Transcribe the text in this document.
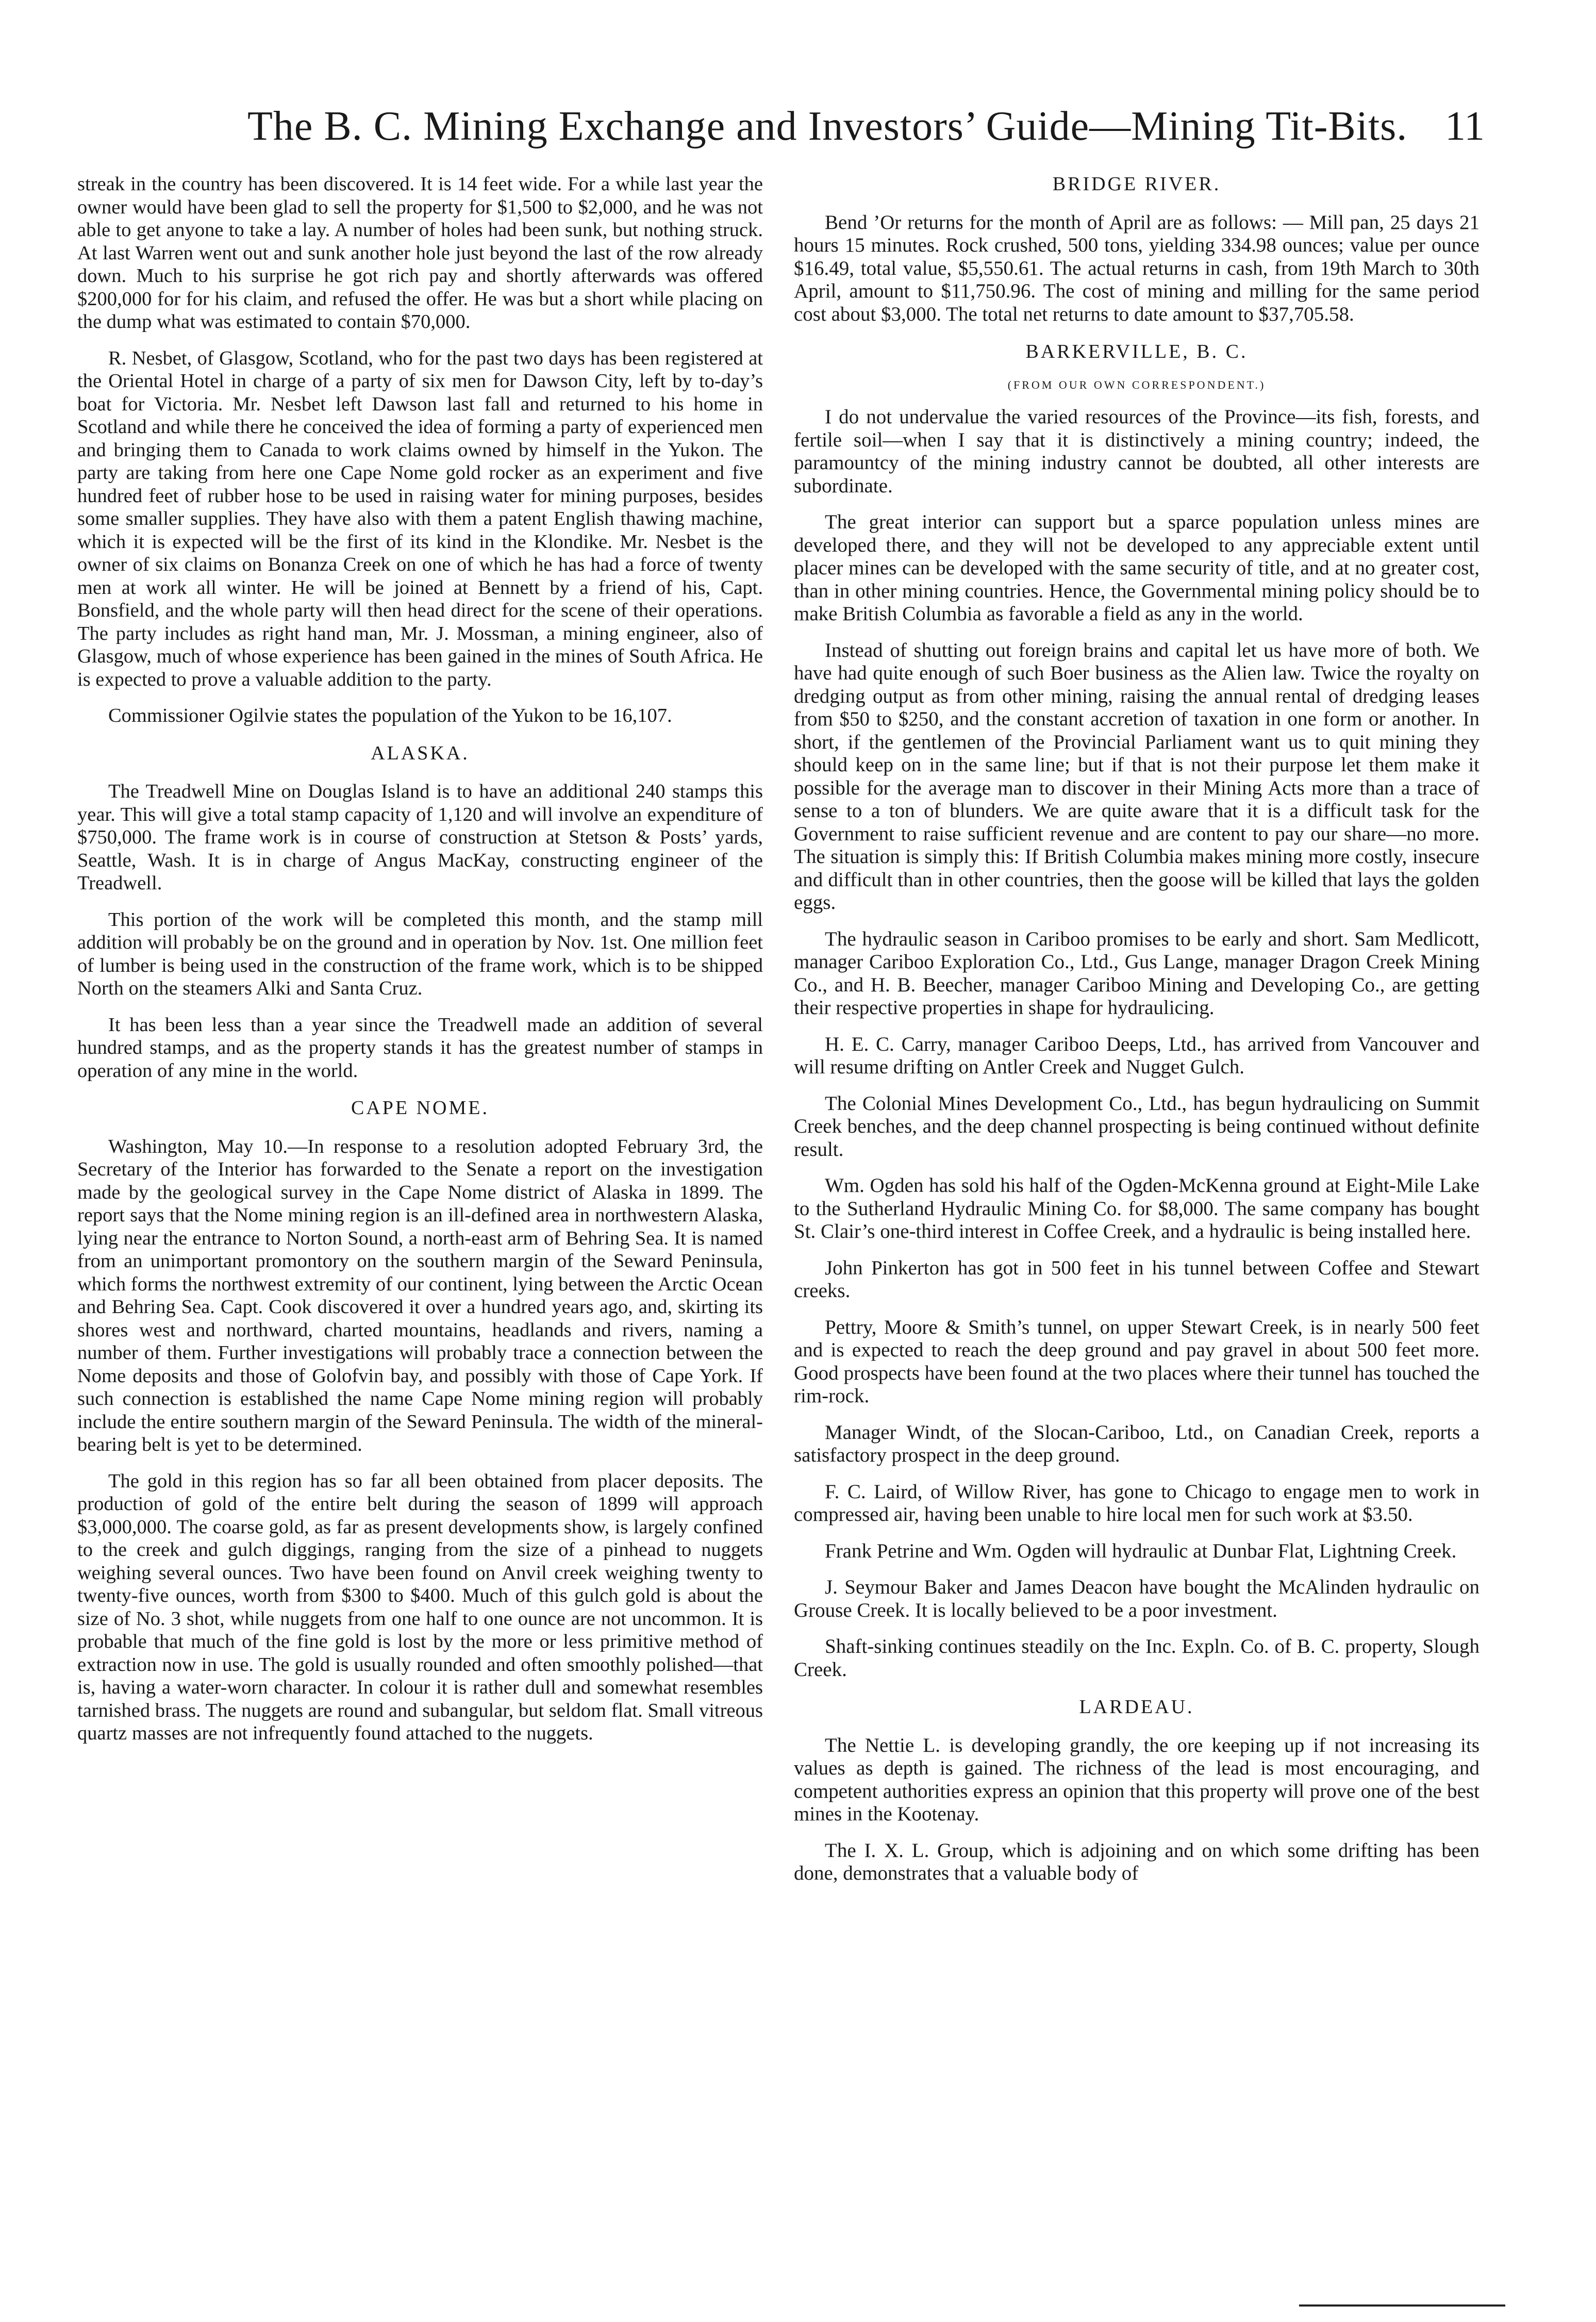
The B. C. Mining Exchange and Investors’ Guide—Mining Tit-Bits. 11

streak in the country has been discovered. It is 14 feet wide. For a while last year the owner would have been glad to sell the property for $1,500 to $2,000, and he was not able to get anyone to take a lay. A number of holes had been sunk, but nothing struck. At last Warren went out and sunk another hole just beyond the last of the row already down. Much to his surprise he got rich pay and shortly afterwards was offered $200,000 for for his claim, and refused the offer. He was but a short while placing on the dump what was estimated to contain $70,000.

R. Nesbet, of Glasgow, Scotland, who for the past two days has been registered at the Oriental Hotel in charge of a party of six men for Dawson City, left by to-day’s boat for Victoria. Mr. Nesbet left Dawson last fall and returned to his home in Scotland and while there he conceived the idea of forming a party of experienced men and bringing them to Canada to work claims owned by himself in the Yukon. The party are taking from here one Cape Nome gold rocker as an experiment and five hundred feet of rubber hose to be used in raising water for mining purposes, besides some smaller supplies. They have also with them a patent English thawing machine, which it is expected will be the first of its kind in the Klondike. Mr. Nesbet is the owner of six claims on Bonanza Creek on one of which he has had a force of twenty men at work all winter. He will be joined at Bennett by a friend of his, Capt. Bonsfield, and the whole party will then head direct for the scene of their operations. The party includes as right hand man, Mr. J. Mossman, a mining engineer, also of Glasgow, much of whose experience has been gained in the mines of South Africa. He is expected to prove a valuable addition to the party.

Commissioner Ogilvie states the population of the Yukon to be 16,107.

ALASKA.

The Treadwell Mine on Douglas Island is to have an additional 240 stamps this year. This will give a total stamp capacity of 1,120 and will involve an expenditure of $750,000. The frame work is in course of construction at Stetson & Posts’ yards, Seattle, Wash. It is in charge of Angus MacKay, constructing engineer of the Treadwell.

This portion of the work will be completed this month, and the stamp mill addition will probably be on the ground and in operation by Nov. 1st. One million feet of lumber is being used in the construction of the frame work, which is to be shipped North on the steamers Alki and Santa Cruz.

It has been less than a year since the Treadwell made an addition of several hundred stamps, and as the property stands it has the greatest number of stamps in operation of any mine in the world.

CAPE NOME.

Washington, May 10.—In response to a resolution adopted February 3rd, the Secretary of the Interior has forwarded to the Senate a report on the investigation made by the geological survey in the Cape Nome district of Alaska in 1899. The report says that the Nome mining region is an ill-defined area in northwestern Alaska, lying near the entrance to Norton Sound, a north-east arm of Behring Sea. It is named from an unimportant promontory on the southern margin of the Seward Peninsula, which forms the northwest extremity of our continent, lying between the Arctic Ocean and Behring Sea. Capt. Cook discovered it over a hundred years ago, and, skirting its shores west and northward, charted mountains, headlands and rivers, naming a number of them. Further investigations will probably trace a connection between the Nome deposits and those of Golofvin bay, and possibly with those of Cape York. If such connection is established the name Cape Nome mining region will probably include the entire southern margin of the Seward Peninsula. The width of the mineral-bearing belt is yet to be determined.

The gold in this region has so far all been obtained from placer deposits. The production of gold of the entire belt during the season of 1899 will approach $3,000,000. The coarse gold, as far as present developments show, is largely confined to the creek and gulch diggings, ranging from the size of a pinhead to nuggets weighing several ounces. Two have been found on Anvil creek weighing twenty to twenty-five ounces, worth from $300 to $400. Much of this gulch gold is about the size of No. 3 shot, while nuggets from one half to one ounce are not uncommon. It is probable that much of the fine gold is lost by the more or less primitive method of extraction now in use. The gold is usually rounded and often smoothly polished—that is, having a water-worn character. In colour it is rather dull and somewhat resembles tarnished brass. The nuggets are round and subangular, but seldom flat. Small vitreous quartz masses are not infrequently found attached to the nuggets.

BRIDGE RIVER.

Bend ’Or returns for the month of April are as follows: — Mill pan, 25 days 21 hours 15 minutes. Rock crushed, 500 tons, yielding 334.98 ounces; value per ounce $16.49, total value, $5,550.61. The actual returns in cash, from 19th March to 30th April, amount to $11,750.96. The cost of mining and milling for the same period cost about $3,000. The total net returns to date amount to $37,705.58.

BARKERVILLE, B. C.
(FROM OUR OWN CORRESPONDENT.)

I do not undervalue the varied resources of the Province—its fish, forests, and fertile soil—when I say that it is distinctively a mining country; indeed, the paramountcy of the mining industry cannot be doubted, all other interests are subordinate.

The great interior can support but a sparce population unless mines are developed there, and they will not be developed to any appreciable extent until placer mines can be developed with the same security of title, and at no greater cost, than in other mining countries. Hence, the Governmental mining policy should be to make British Columbia as favorable a field as any in the world.

Instead of shutting out foreign brains and capital let us have more of both. We have had quite enough of such Boer business as the Alien law. Twice the royalty on dredging output as from other mining, raising the annual rental of dredging leases from $50 to $250, and the constant accretion of taxation in one form or another. In short, if the gentlemen of the Provincial Parliament want us to quit mining they should keep on in the same line; but if that is not their purpose let them make it possible for the average man to discover in their Mining Acts more than a trace of sense to a ton of blunders. We are quite aware that it is a difficult task for the Government to raise sufficient revenue and are content to pay our share—no more. The situation is simply this: If British Columbia makes mining more costly, insecure and difficult than in other countries, then the goose will be killed that lays the golden eggs.

The hydraulic season in Cariboo promises to be early and short. Sam Medlicott, manager Cariboo Exploration Co., Ltd., Gus Lange, manager Dragon Creek Mining Co., and H. B. Beecher, manager Cariboo Mining and Developing Co., are getting their respective properties in shape for hydraulicing.

H. E. C. Carry, manager Cariboo Deeps, Ltd., has arrived from Vancouver and will resume drifting on Antler Creek and Nugget Gulch.

The Colonial Mines Development Co., Ltd., has begun hydraulicing on Summit Creek benches, and the deep channel prospecting is being continued without definite result.

Wm. Ogden has sold his half of the Ogden-McKenna ground at Eight-Mile Lake to the Sutherland Hydraulic Mining Co. for $8,000. The same company has bought St. Clair’s one-third interest in Coffee Creek, and a hydraulic is being installed here.

John Pinkerton has got in 500 feet in his tunnel between Coffee and Stewart creeks.

Pettry, Moore & Smith’s tunnel, on upper Stewart Creek, is in nearly 500 feet and is expected to reach the deep ground and pay gravel in about 500 feet more. Good prospects have been found at the two places where their tunnel has touched the rim-rock.

Manager Windt, of the Slocan-Cariboo, Ltd., on Canadian Creek, reports a satisfactory prospect in the deep ground.

F. C. Laird, of Willow River, has gone to Chicago to engage men to work in compressed air, having been unable to hire local men for such work at $3.50.

Frank Petrine and Wm. Ogden will hydraulic at Dunbar Flat, Lightning Creek.

J. Seymour Baker and James Deacon have bought the McAlinden hydraulic on Grouse Creek. It is locally believed to be a poor investment.

Shaft-sinking continues steadily on the Inc. Expln. Co. of B. C. property, Slough Creek.

LARDEAU.

The Nettie L. is developing grandly, the ore keeping up if not increasing its values as depth is gained. The richness of the lead is most encouraging, and competent authorities express an opinion that this property will prove one of the best mines in the Kootenay.

The I. X. L. Group, which is adjoining and on which some drifting has been done, demonstrates that a valuable body of
